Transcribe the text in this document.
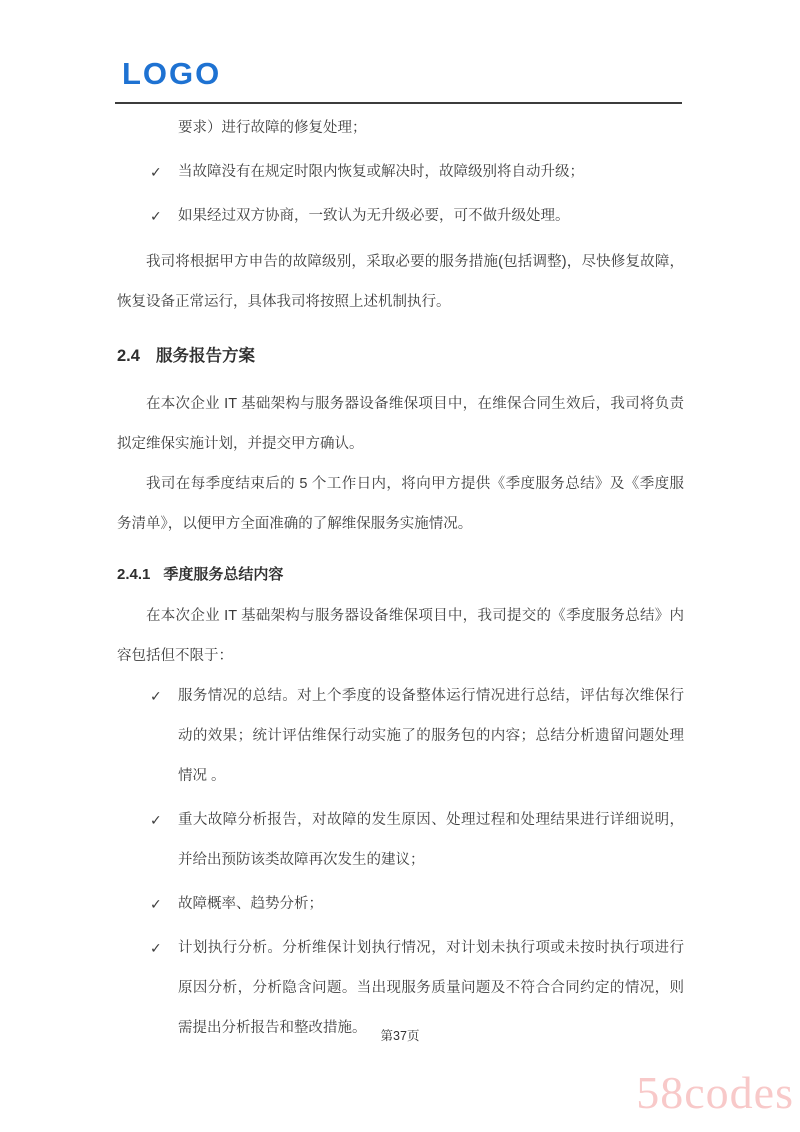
LOGO
要求）进行故障的修复处理；
✓ 当故障没有在规定时限内恢复或解决时，故障级别将自动升级；
✓ 如果经过双方协商，一致认为无升级必要，可不做升级处理。

我司将根据甲方申告的故障级别，采取必要的服务措施(包括调整)，尽快修复故障，恢复设备正常运行，具体我司将按照上述机制执行。

2.4 服务报告方案

在本次企业 IT 基础架构与服务器设备维保项目中，在维保合同生效后，我司将负责拟定维保实施计划，并提交甲方确认。

我司在每季度结束后的 5 个工作日内，将向甲方提供《季度服务总结》及《季度服务清单》，以便甲方全面准确的了解维保服务实施情况。

2.4.1 季度服务总结内容

在本次企业 IT 基础架构与服务器设备维保项目中，我司提交的《季度服务总结》内容包括但不限于：

✓ 服务情况的总结。对上个季度的设备整体运行情况进行总结，评估每次维保行动的效果；统计评估维保行动实施了的服务包的内容；总结分析遗留问题处理情况 。
✓ 重大故障分析报告，对故障的发生原因、处理过程和处理结果进行详细说明，并给出预防该类故障再次发生的建议；
✓ 故障概率、趋势分析；
✓ 计划执行分析。分析维保计划执行情况，对计划未执行项或未按时执行项进行原因分析，分析隐含问题。当出现服务质量问题及不符合合同约定的情况，则需提出分析报告和整改措施。	第37页
58codes
